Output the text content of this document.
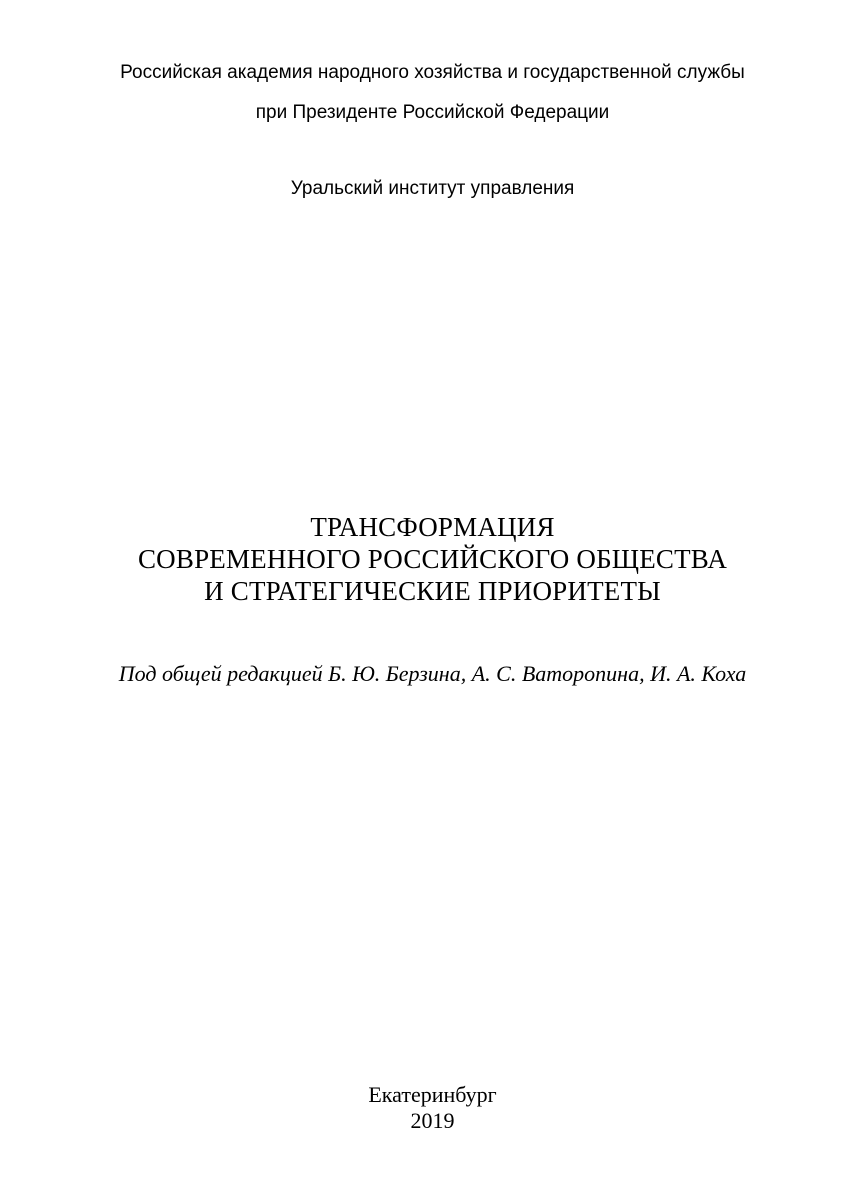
Российская академия народного хозяйства и государственной службы
при Президенте Российской Федерации
Уральский институт управления
ТРАНСФОРМАЦИЯ
СОВРЕМЕННОГО РОССИЙСКОГО ОБЩЕСТВА
И СТРАТЕГИЧЕСКИЕ ПРИОРИТЕТЫ
Под общей редакцией Б. Ю. Берзина, А. С. Ваторопина, И. А. Коха
Екатеринбург
2019
